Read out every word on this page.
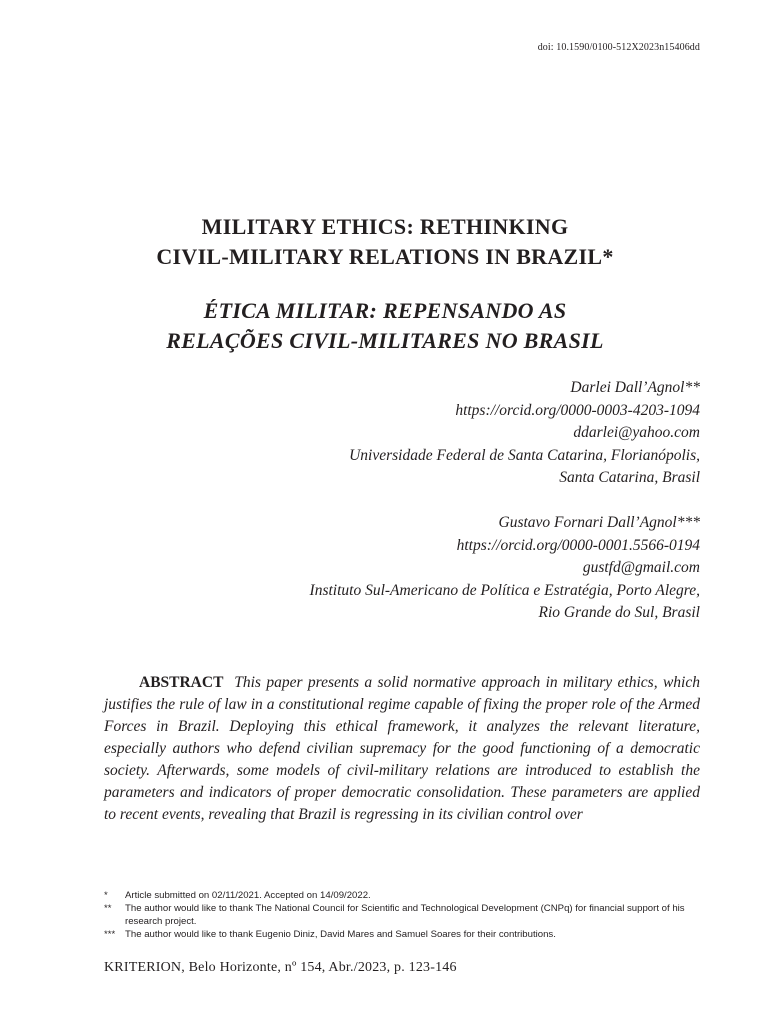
doi: 10.1590/0100-512X2023n15406dd
MILITARY ETHICS: RETHINKING
CIVIL-MILITARY RELATIONS IN BRAZIL*
ÉTICA MILITAR: REPENSANDO AS
RELAÇÕES CIVIL-MILITARES NO BRASIL
Darlei Dall’Agnol**
https://orcid.org/0000-0003-4203-1094
ddarlei@yahoo.com
Universidade Federal de Santa Catarina, Florianópolis,
Santa Catarina, Brasil
Gustavo Fornari Dall’Agnol***
https://orcid.org/0000-0001.5566-0194
gustfd@gmail.com
Instituto Sul-Americano de Política e Estratégia, Porto Alegre,
Rio Grande do Sul, Brasil
ABSTRACT This paper presents a solid normative approach in military ethics, which justifies the rule of law in a constitutional regime capable of fixing the proper role of the Armed Forces in Brazil. Deploying this ethical framework, it analyzes the relevant literature, especially authors who defend civilian supremacy for the good functioning of a democratic society. Afterwards, some models of civil-military relations are introduced to establish the parameters and indicators of proper democratic consolidation. These parameters are applied to recent events, revealing that Brazil is regressing in its civilian control over
*	Article submitted on 02/11/2021. Accepted on 14/09/2022.
**	The author would like to thank The National Council for Scientific and Technological Development (CNPq) for financial support of his research project.
***	The author would like to thank Eugenio Diniz, David Mares and Samuel Soares for their contributions.
KRITERION, Belo Horizonte, nº 154, Abr./2023, p. 123-146
